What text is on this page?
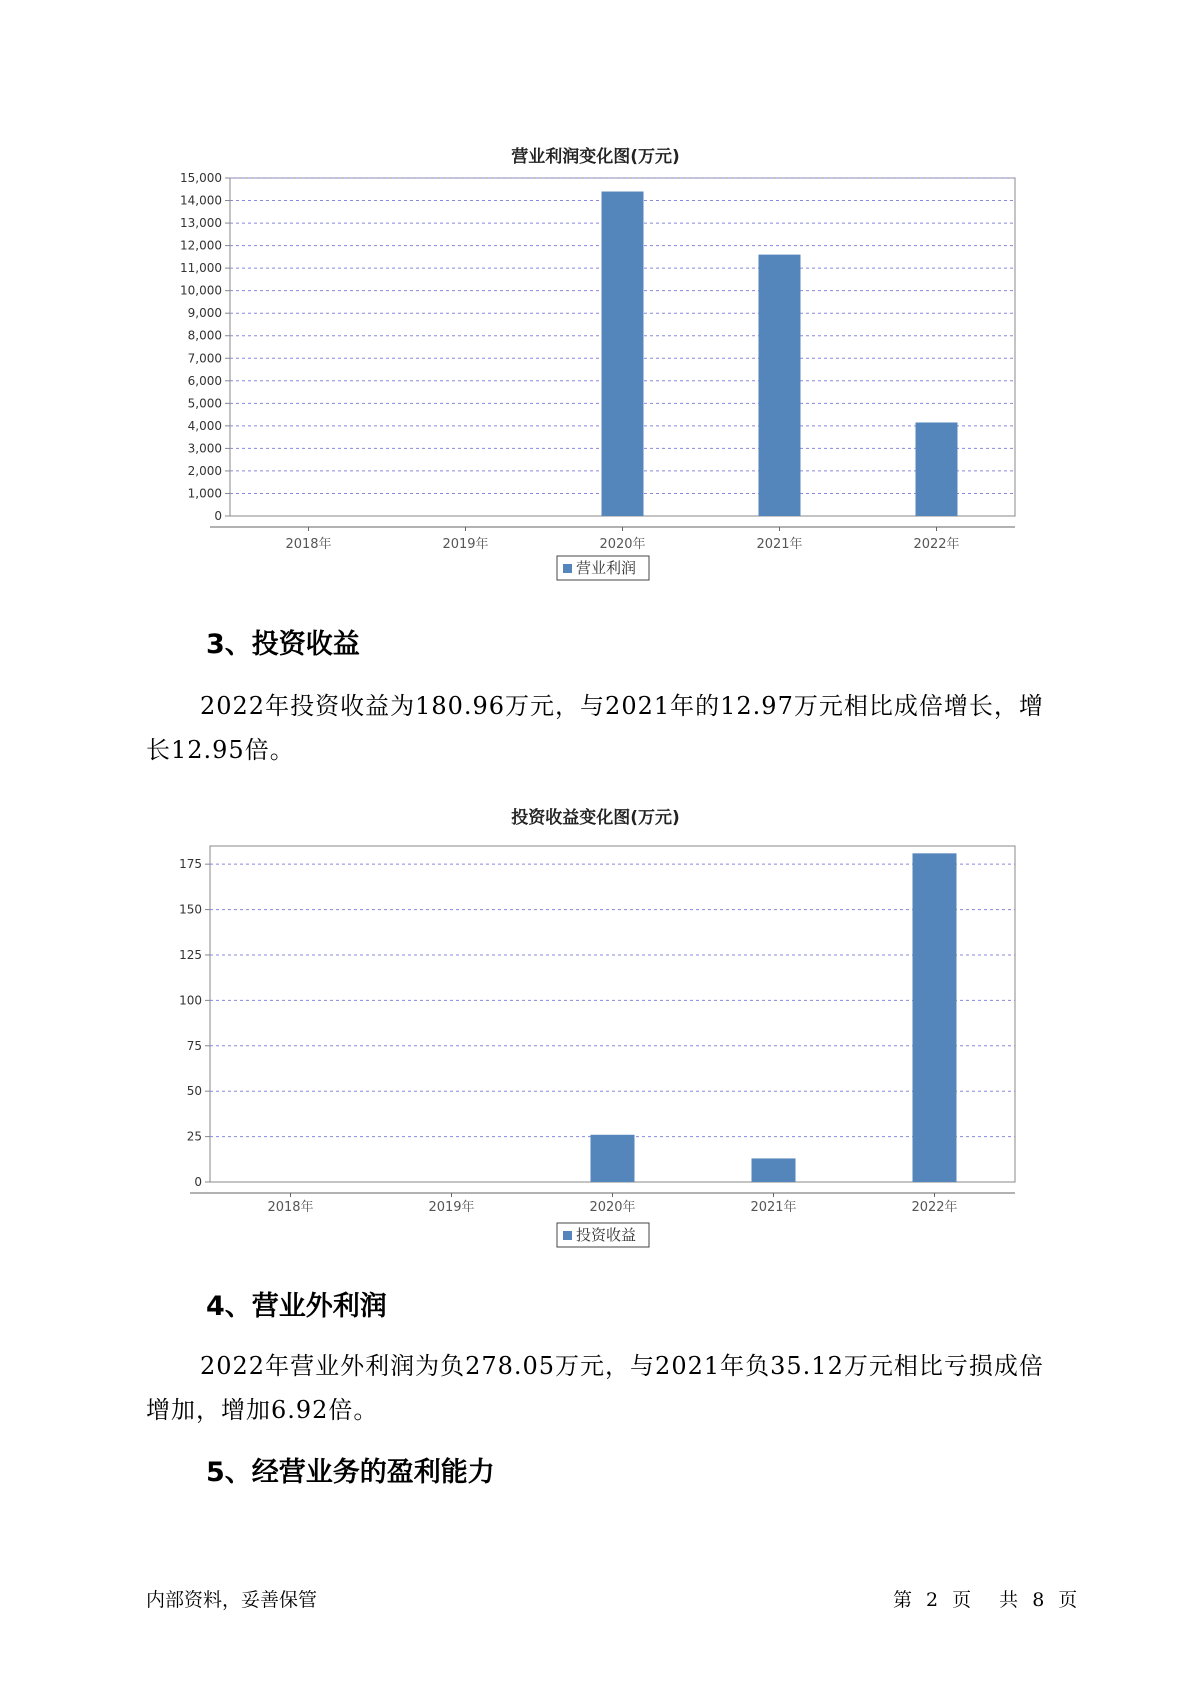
营业利润变化图(万元)
0
1,000
2,000
3,000
4,000
5,000
6,000
7,000
8,000
9,000
10,000
11,000
12,000
13,000
14,000
15,000
2018年	2019年	2020年	2021年	2022年
营业利润
3、投资收益
2022年投资收益为180.96万元，与2021年的12.97万元相比成倍增长，增长12.95倍。
投资收益变化图(万元)
0
25
50
75
100
125
150
175
2018年	2019年	2020年	2021年	2022年
投资收益
4、营业外利润
2022年营业外利润为负278.05万元，与2021年负35.12万元相比亏损成倍增加，增加6.92倍。
5、经营业务的盈利能力
内部资料，妥善保管	第 2 页 共 8 页
